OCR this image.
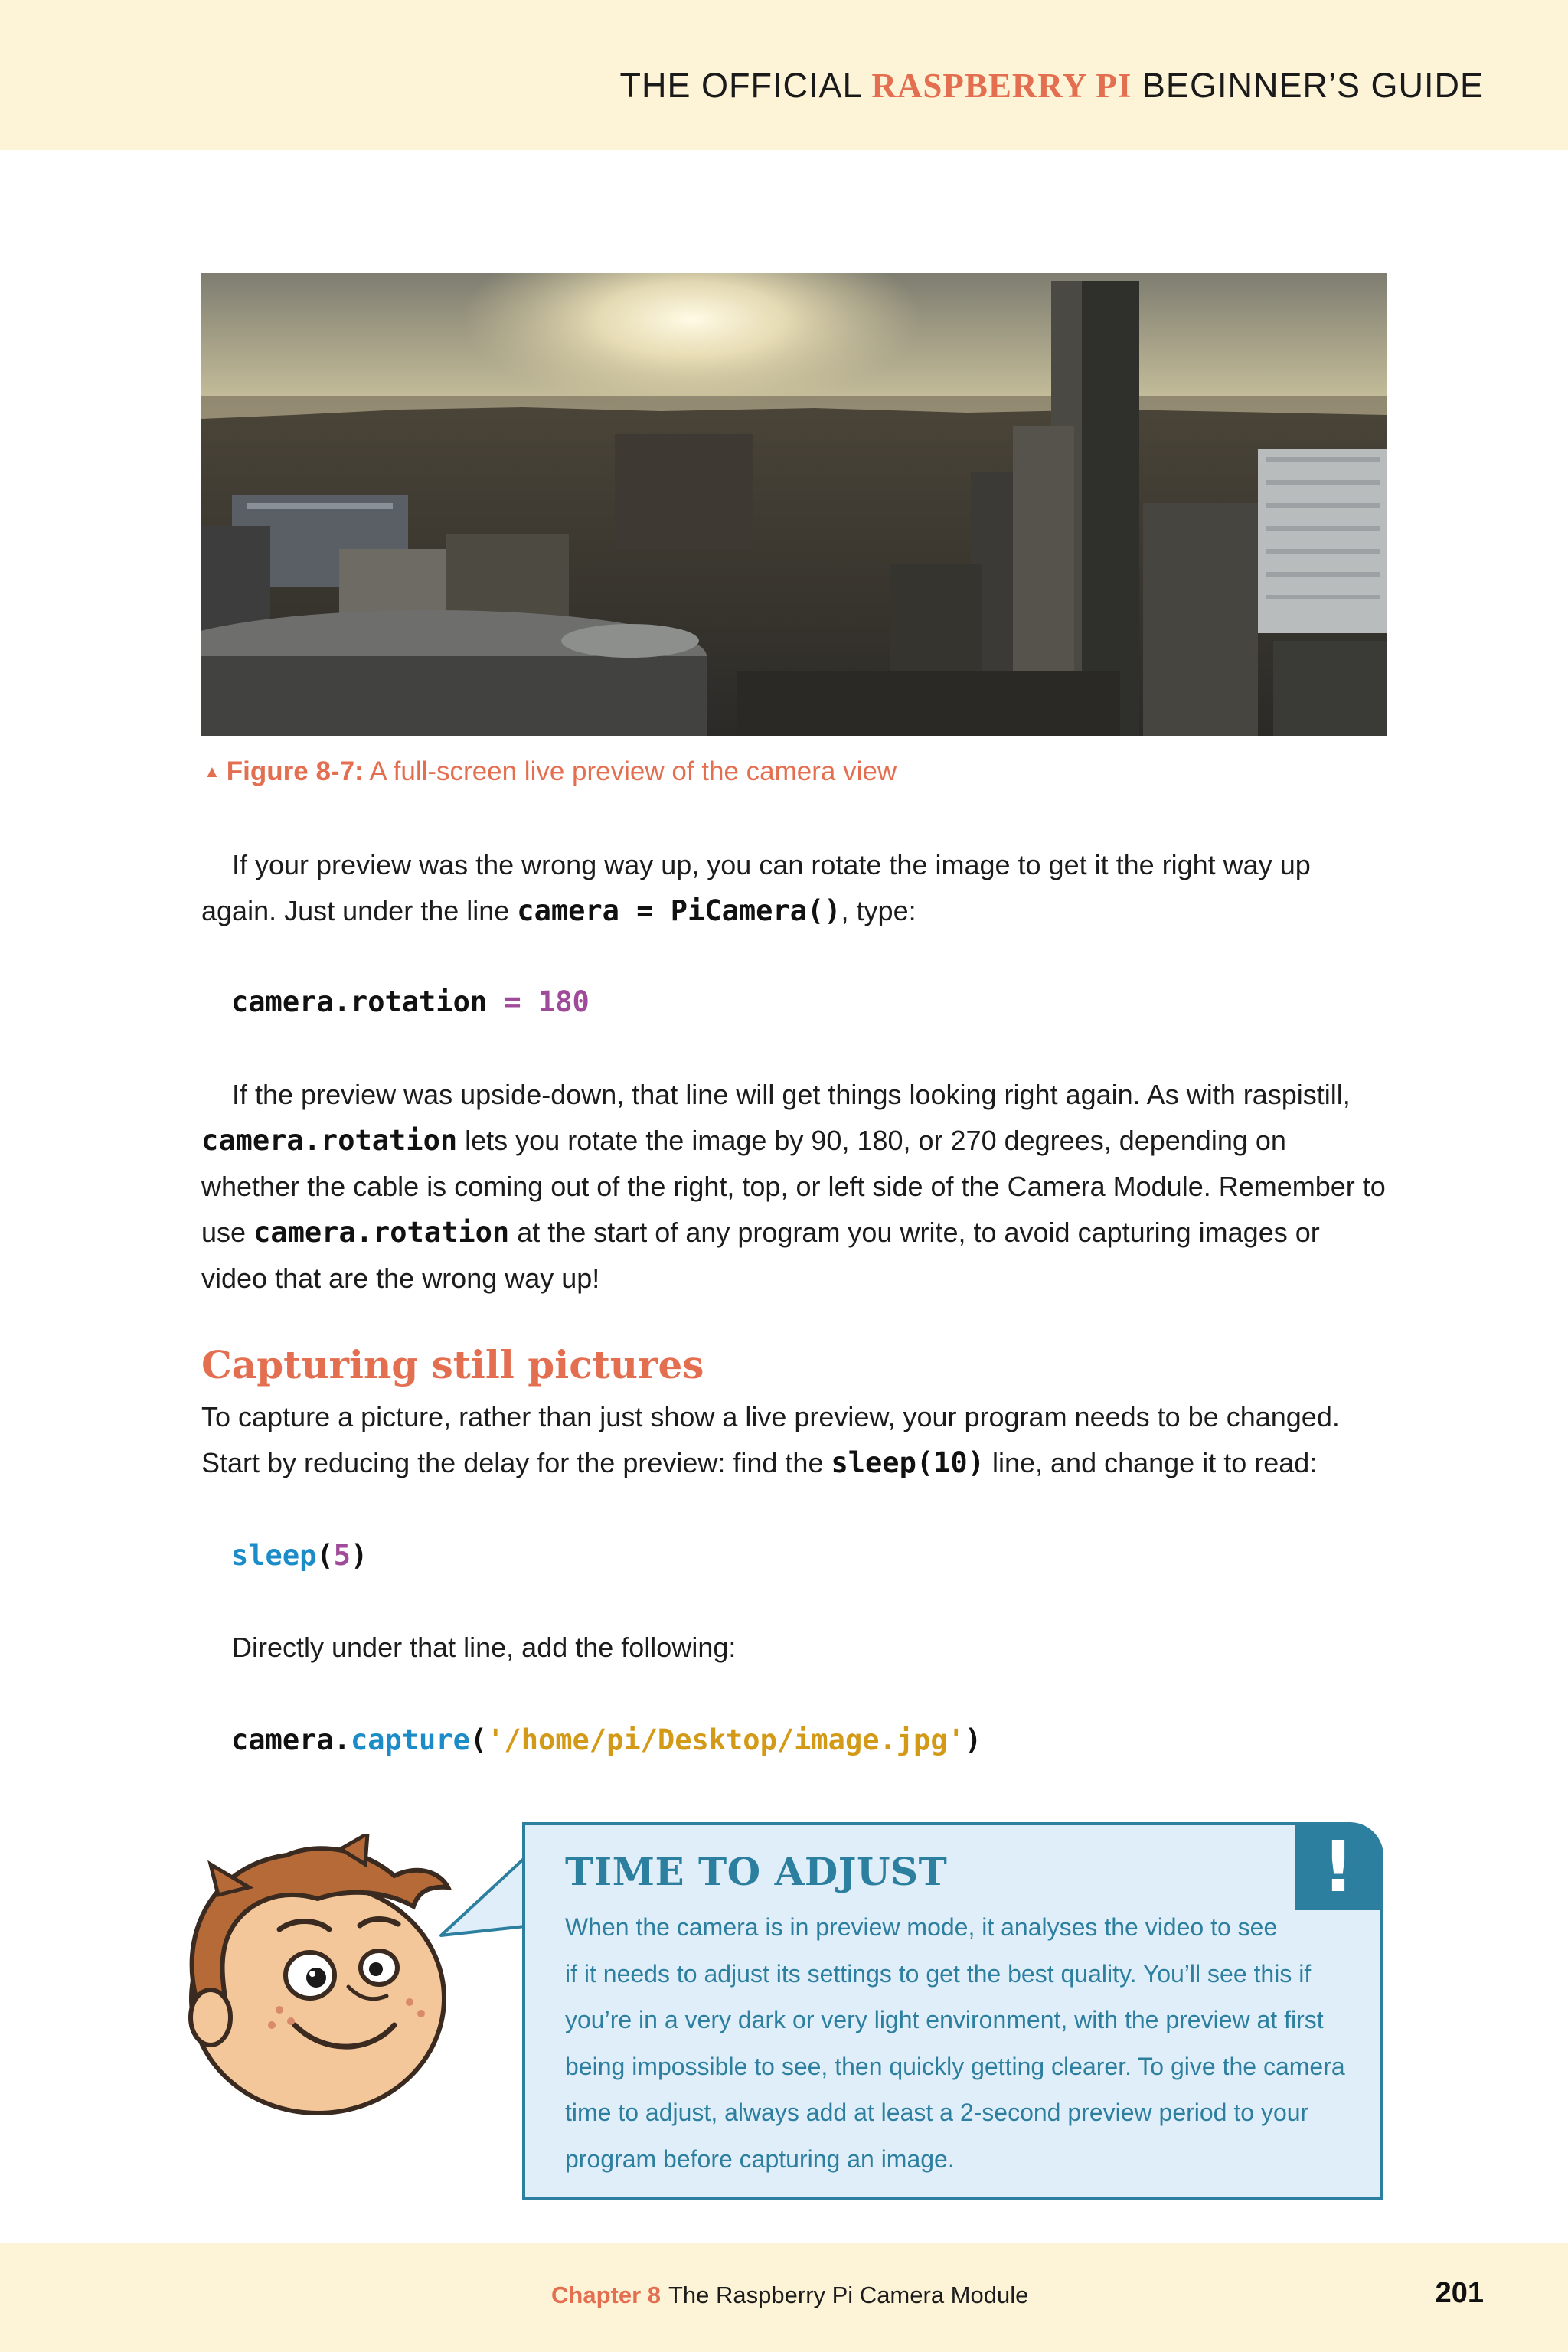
THE OFFICIAL RASPBERRY PI BEGINNER’S GUIDE
▲ Figure 8-7: A full-screen live preview of the camera view
If your preview was the wrong way up, you can rotate the image to get it the right way up again. Just under the line camera = PiCamera(), type:
camera.rotation = 180
If the preview was upside-down, that line will get things looking right again. As with raspistill, camera.rotation lets you rotate the image by 90, 180, or 270 degrees, depending on whether the cable is coming out of the right, top, or left side of the Camera Module. Remember to use camera.rotation at the start of any program you write, to avoid capturing images or video that are the wrong way up!
Capturing still pictures
To capture a picture, rather than just show a live preview, your program needs to be changed. Start by reducing the delay for the preview: find the sleep(10) line, and change it to read:
sleep(5)
Directly under that line, add the following:
camera.capture('/home/pi/Desktop/image.jpg')
!
TIME TO ADJUST
When the camera is in preview mode, it analyses the video to see
if it needs to adjust its settings to get the best quality. You’ll see this if
you’re in a very dark or very light environment, with the preview at first
being impossible to see, then quickly getting clearer. To give the camera
time to adjust, always add at least a 2-second preview period to your
program before capturing an image.
Chapter 8 The Raspberry Pi Camera Module	201
